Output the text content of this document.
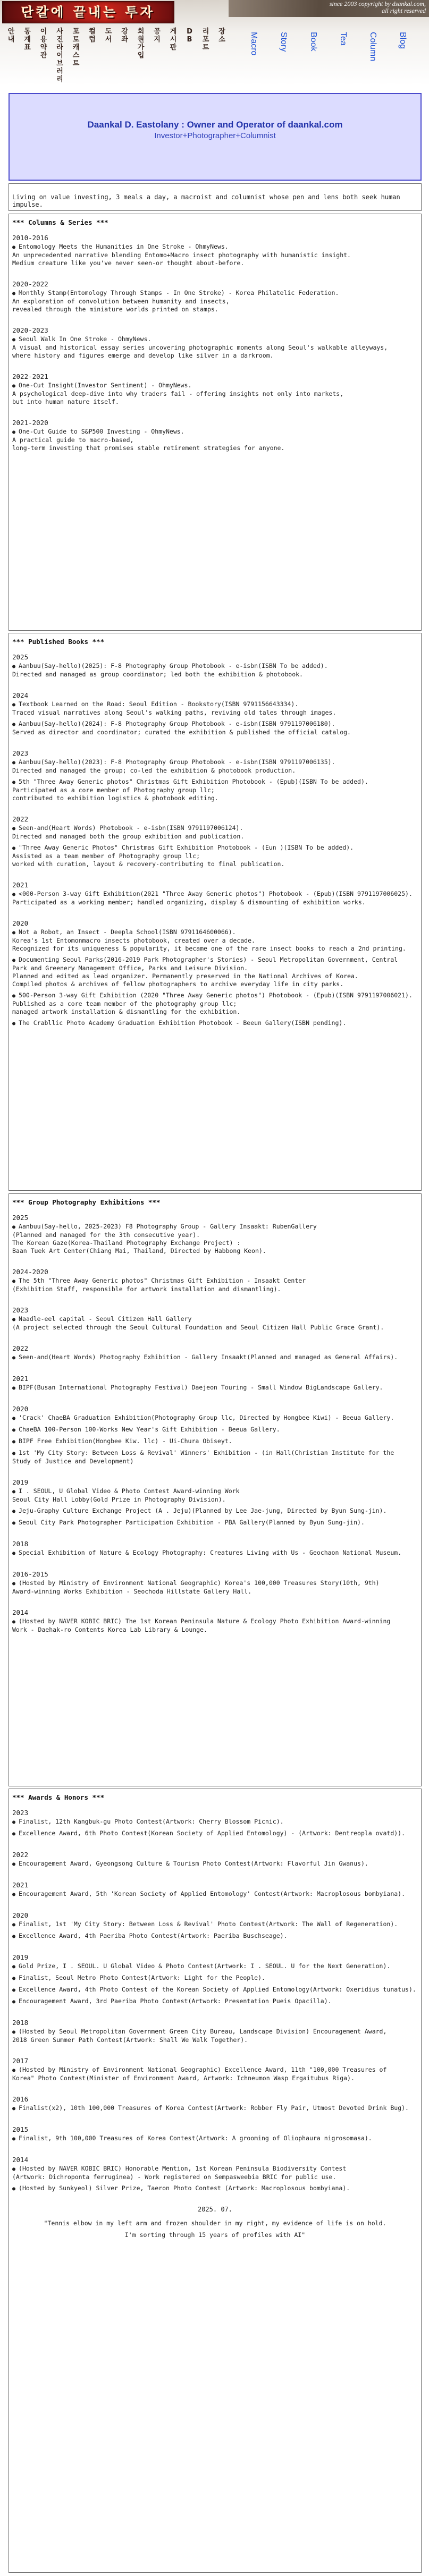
단칼에 끝내는 투자
since 2003 copyright by dsankal.com,
all right reserved
안
내
통
계
표
이
용
약
관
사
진
라
이
브
러
리
포
토
캐
스
트
컬
럼
도
서
강
좌
회
원
가
입
공
지
게
시
판
D
B
리
포
트
장
소	Macro Story Book Tea Column Blog
Daankal D. Eastolany : Owner and Operator of daankal.com
Investor+Photographer+Columnist

Living on value investing, 3 meals a day, a macroist and columnist whose pen and lens both seek human impulse.

*** Columns & Series ***
2010-2016
● Entomology Meets the Humanities in One Stroke - OhmyNews.
An unprecedented narrative blending Entomo+Macro insect photography with humanistic insight.
Medium creature like you've never seen-or thought about-before.
2020-2022
● Monthly Stamp(Entomology Through Stamps - In One Stroke) - Korea Philatelic Federation.
An exploration of convolution between humanity and insects,
revealed through the miniature worlds printed on stamps.
2020-2023
● Seoul Walk In One Stroke - OhmyNews.
A visual and historical essay series uncovering photographic moments along Seoul's walkable alleyways,
where history and figures emerge and develop like silver in a darkroom.
2022-2021
● One-Cut Insight(Investor Sentiment) - OhmyNews.
A psychological deep-dive into why traders fail - offering insights not only into markets,
but into human nature itself.
2021-2020
● One-Cut Guide to S&P500 Investing - OhmyNews.
A practical guide to macro-based,
long-term investing that promises stable retirement strategies for anyone.
*** Published Books ***
2025
● Aanbuu(Say-hello)(2025): F-8 Photography Group Photobook - e-isbn(ISBN To be added).
Directed and managed as group coordinator; led both the exhibition & photobook.
2024
● Textbook Learned on the Road: Seoul Edition - Bookstory(ISBN 9791156643334).
Traced visual narratives along Seoul's walking paths, reviving old tales through images.
● Aanbuu(Say-hello)(2024): F-8 Photography Group Photobook - e-isbn(ISBN 9791197006180).
Served as director and coordinator; curated the exhibition & published the official catalog.
2023
● Aanbuu(Say-hello)(2023): F-8 Photography Group Photobook - e-isbn(ISBN 9791197006135).
Directed and managed the group; co-led the exhibition & photobook production.
● 5th "Three Away Generic photos" Christmas Gift Exhibition Photobook - (Epub)(ISBN To be added).
Participated as a core member of Photography group llc;
contributed to exhibition logistics & photobook editing.
2022
● Seen-and(Heart Words) Photobook - e-isbn(ISBN 9791197006124).
Directed and managed both the group exhibition and publication.
● "Three Away Generic Photos" Christmas Gift Exhibition Photobook - (Eun )(ISBN To be added).
Assisted as a team member of Photography group llc;
worked with curation, layout & recovery-contributing to final publication.
2021
● <000-Person 3-way Gift Exhibition(2021 "Three Away Generic photos") Photobook - (Epub)(ISBN 9791197006025).
Participated as a working member; handled organizing, display & dismounting of exhibition works.
2020
● Not a Robot, an Insect - Deepla School(ISBN 9791164600066).
Korea's 1st Entomonmacro insects photobook, created over a decade.
Recognized for its uniqueness & popularity, it became one of the rare insect books to reach a 2nd printing.
● Documenting Seoul Parks(2016-2019 Park Photographer's Stories) - Seoul Metropolitan Government, Central
Park and Greenery Management Office, Parks and Leisure Division.
Planned and edited as lead organizer. Permanently preserved in the National Archives of Korea.
Compiled photos & archives of fellow photographers to archive everyday life in city parks.
● 500-Person 3-way Gift Exhibition (2020 "Three Away Generic photos") Photobook - (Epub)(ISBN 9791197006021).
Published as a core team member of the photography group llc;
managed artwork installation & dismantling for the exhibition.
● The Crabllic Photo Academy Graduation Exhibition Photobook - Beeun Gallery(ISBN pending).
*** Group Photography Exhibitions ***
2025
● Aanbuu(Say-hello, 2025-2023) F8 Photography Group - Gallery Insaakt: RubenGallery
(Planned and managed for the 3th consecutive year).
The Korean Gaze(Korea-Thailand Photography Exchange Project) :
Baan Tuek Art Center(Chiang Mai, Thailand, Directed by Habbong Keon).
2024-2020
● The 5th "Three Away Generic photos" Christmas Gift Exhibition - Insaakt Center
(Exhibition Staff, responsible for artwork installation and dismantling).
2023
● Naadle-eel capital - Seoul Citizen Hall Gallery
(A project selected through the Seoul Cultural Foundation and Seoul Citizen Hall Public Grace Grant).
2022
● Seen-and(Heart Words) Photography Exhibition - Gallery Insaakt(Planned and managed as General Affairs).
2021
● BIPF(Busan International Photography Festival) Daejeon Touring - Small Window BigLandscape Gallery.
2020
● 'Crack' ChaeBA Graduation Exhibition(Photography Group llc, Directed by Hongbee Kiwi) - Beeua Gallery.
● ChaeBA 100-Person 100-Works New Year's Gift Exhibition - Beeua Gallery.
● BIPF Free Exhibition(Hongbee Kiw. llc) - Ui-Chura Obiseyt.
● 1st 'My City Story: Between Loss & Revival' Winners' Exhibition - (in Hall(Christian Institute for the
Study of Justice and Development)
2019
● I . SEOUL, U Global Video & Photo Contest Award-winning Work
Seoul City Hall Lobby(Gold Prize in Photography Division).
● Jeju-Graphy Culture Exchange Project (A . Jeju)(Planned by Lee Jae-jung, Directed by Byun Sung-jin).
● Seoul City Park Photographer Participation Exhibition - PBA Gallery(Planned by Byun Sung-jin).
2018
● Special Exhibition of Nature & Ecology Photography: Creatures Living with Us - Geochaon National Museum.
2016-2015
● (Hosted by Ministry of Environment National Geographic) Korea's 100,000 Treasures Story(10th, 9th)
Award-winning Works Exhibition - Seochoda Hillstate Gallery Hall.
2014
● (Hosted by NAVER KOBIC BRIC) The 1st Korean Peninsula Nature & Ecology Photo Exhibition Award-winning
Work - Daehak-ro Contents Korea Lab Library & Lounge.
*** Awards & Honors ***
2023
● Finalist, 12th Kangbuk-gu Photo Contest(Artwork: Cherry Blossom Picnic).
● Excellence Award, 6th Photo Contest(Korean Society of Applied Entomology) - (Artwork: Dentreopla ovatd)).
2022
● Encouragement Award, Gyeongsong Culture & Tourism Photo Contest(Artwork: Flavorful Jin Gwanus).
2021
● Encouragement Award, 5th 'Korean Society of Applied Entomology' Contest(Artwork: Macroplosous bombyiana).
2020
● Finalist, 1st 'My City Story: Between Loss & Revival' Photo Contest(Artwork: The Wall of Regeneration).
● Excellence Award, 4th Paeriba Photo Contest(Artwork: Paeriba Buschseage).
2019
● Gold Prize, I . SEOUL. U Global Video & Photo Contest(Artwork: I . SEOUL. U for the Next Generation).
● Finalist, Seoul Metro Photo Contest(Artwork: Light for the People).
● Excellence Award, 4th Photo Contest of the Korean Society of Applied Entomology(Artwork: Oxeridius tunatus).
● Encouragement Award, 3rd Paeriba Photo Contest(Artwork: Presentation Pueis Opacilla).
2018
● (Hosted by Seoul Metropolitan Government Green City Bureau, Landscape Division) Encouragement Award,
2018 Green Summer Path Contest(Artwork: Shall We Walk Together).
2017
● (Hosted by Ministry of Environment National Geographic) Excellence Award, 11th "100,000 Treasures of
Korea" Photo Contest(Minister of Environment Award, Artwork: Ichneumon Wasp Ergaitubus Riga).
2016
● Finalist(x2), 10th 100,000 Treasures of Korea Contest(Artwork: Robber Fly Pair, Utmost Devoted Drink Bug).
2015
● Finalist, 9th 100,000 Treasures of Korea Contest(Artwork: A grooming of Oliophaura nigrosomasa).
2014
● (Hosted by NAVER KOBIC BRIC) Honorable Mention, 1st Korean Peninsula Biodiversity Contest
(Artwork: Dichroponta ferruginea) - Work registered on Sempasweebia BRIC for public use.
● (Hosted by Sunkyeol) Silver Prize, Taeron Photo Contest (Artwork: Macroplosous bombyiana).
2025. 07.
"Tennis elbow in my left arm and frozen shoulder in my right, my evidence of life is on hold.
I'm sorting through 15 years of profiles with AI"
